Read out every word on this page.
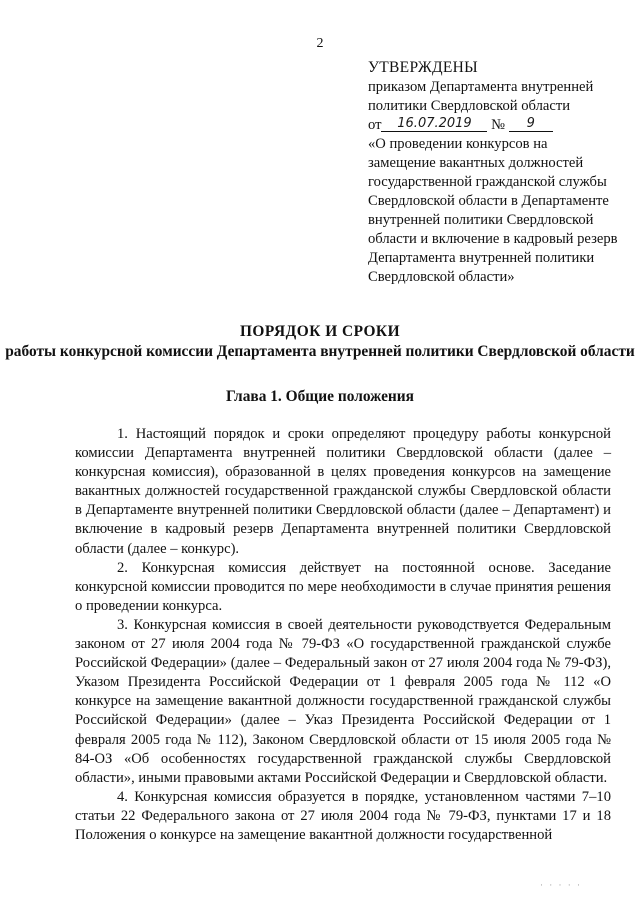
2
УТВЕРЖДЕНЫ
приказом Департамента внутренней
политики Свердловской области
от 16.07.2019 № 9
«О проведении конкурсов на замещение вакантных должностей государственной гражданской службы Свердловской области в Департаменте внутренней политики Свердловской области и включение в кадровый резерв Департамента внутренней политики Свердловской области»
ПОРЯДОК И СРОКИ
работы конкурсной комиссии Департамента внутренней политики Свердловской области
Глава 1. Общие положения

1. Настоящий порядок и сроки определяют процедуру работы конкурсной комиссии Департамента внутренней политики Свердловской области (далее – конкурсная комиссия), образованной в целях проведения конкурсов на замещение вакантных должностей государственной гражданской службы Свердловской области в Департаменте внутренней политики Свердловской области (далее – Департамент) и включение в кадровый резерв Департамента внутренней политики Свердловской области (далее – конкурс).

2. Конкурсная комиссия действует на постоянной основе. Заседание конкурсной комиссии проводится по мере необходимости в случае принятия решения о проведении конкурса.

3. Конкурсная комиссия в своей деятельности руководствуется Федеральным законом от 27 июля 2004 года № 79-ФЗ «О государственной гражданской службе Российской Федерации» (далее – Федеральный закон от 27 июля 2004 года № 79-ФЗ), Указом Президента Российской Федерации от 1 февраля 2005 года № 112 «О конкурсе на замещение вакантной должности государственной гражданской службы Российской Федерации» (далее – Указ Президента Российской Федерации от 1 февраля 2005 года № 112), Законом Свердловской области от 15 июля 2005 года № 84-ОЗ «Об особенностях государственной гражданской службы Свердловской области», иными правовыми актами Российской Федерации и Свердловской области.

4. Конкурсная комиссия образуется в порядке, установленном частями 7–10 статьи 22 Федерального закона от 27 июля 2004 года № 79-ФЗ, пунктами 17 и 18 Положения о конкурсе на замещение вакантной должности государственной

· · · · ·
